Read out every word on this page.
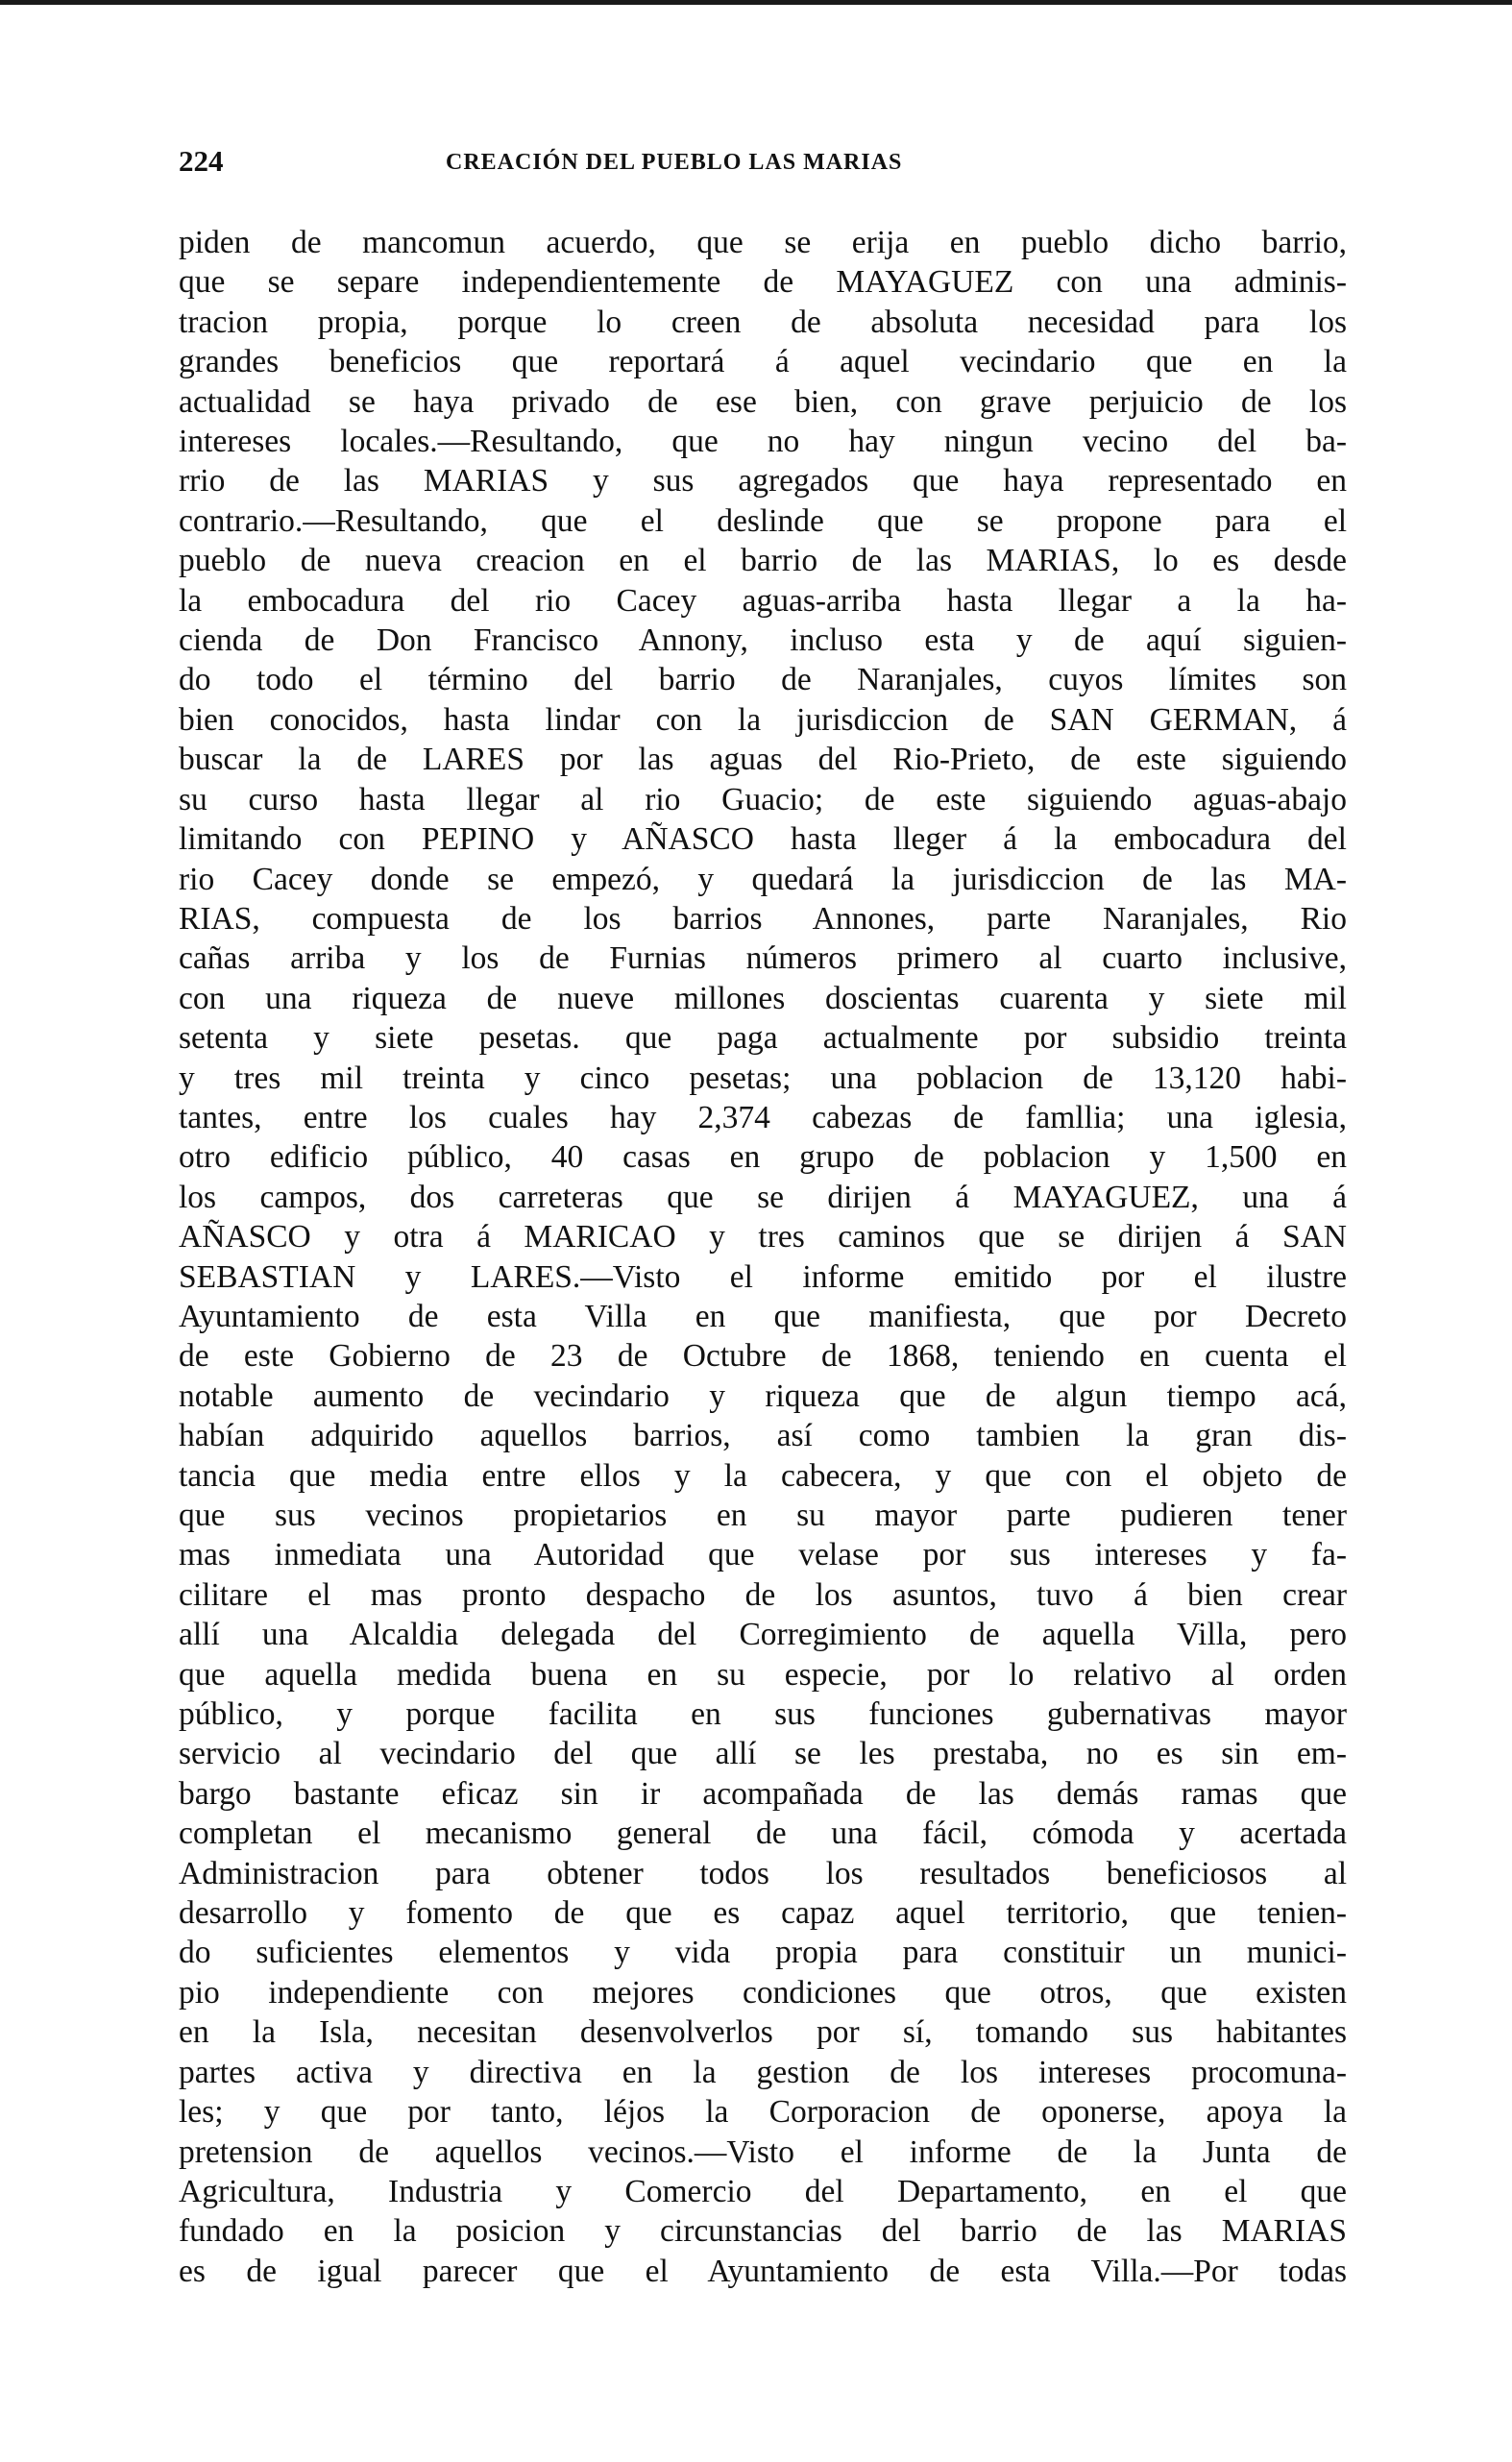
224	CREACIÓN DEL PUEBLO LAS MARIAS
piden de mancomun acuerdo, que se erija en pueblo dicho barrio,
que se separe independientemente de MAYAGUEZ con una adminis-
tracion propia, porque lo creen de absoluta necesidad para los
grandes beneficios que reportará á aquel vecindario que en la
actualidad se haya privado de ese bien, con grave perjuicio de los
intereses locales.—Resultando, que no hay ningun vecino del ba-
rrio de las MARIAS y sus agregados que haya representado en
contrario.—Resultando, que el deslinde que se propone para el
pueblo de nueva creacion en el barrio de las MARIAS, lo es desde
la embocadura del rio Cacey aguas-arriba hasta llegar a la ha-
cienda de Don Francisco Annony, incluso esta y de aquí siguien-
do todo el término del barrio de Naranjales, cuyos límites son
bien conocidos, hasta lindar con la jurisdiccion de SAN GERMAN, á
buscar la de LARES por las aguas del Rio-Prieto, de este siguiendo
su curso hasta llegar al rio Guacio; de este siguiendo aguas-abajo
limitando con PEPINO y AÑASCO hasta lleger á la embocadura del
rio Cacey donde se empezó, y quedará la jurisdiccion de las MA-
RIAS, compuesta de los barrios Annones, parte Naranjales, Rio
cañas arriba y los de Furnias números primero al cuarto inclusive,
con una riqueza de nueve millones doscientas cuarenta y siete mil
setenta y siete pesetas. que paga actualmente por subsidio treinta
y tres mil treinta y cinco pesetas; una poblacion de 13,120 habi-
tantes, entre los cuales hay 2,374 cabezas de famllia; una iglesia,
otro edificio público, 40 casas en grupo de poblacion y 1,500 en
los campos, dos carreteras que se dirijen á MAYAGUEZ, una á
AÑASCO y otra á MARICAO y tres caminos que se dirijen á SAN
SEBASTIAN y LARES.—Visto el informe emitido por el ilustre
Ayuntamiento de esta Villa en que manifiesta, que por Decreto
de este Gobierno de 23 de Octubre de 1868, teniendo en cuenta el
notable aumento de vecindario y riqueza que de algun tiempo acá,
habían adquirido aquellos barrios, así como tambien la gran dis-
tancia que media entre ellos y la cabecera, y que con el objeto de
que sus vecinos propietarios en su mayor parte pudieren tener
mas inmediata una Autoridad que velase por sus intereses y fa-
cilitare el mas pronto despacho de los asuntos, tuvo á bien crear
allí una Alcaldia delegada del Corregimiento de aquella Villa, pero
que aquella medida buena en su especie, por lo relativo al orden
público, y porque facilita en sus funciones gubernativas mayor
servicio al vecindario del que allí se les prestaba, no es sin em-
bargo bastante eficaz sin ir acompañada de las demás ramas que
completan el mecanismo general de una fácil, cómoda y acertada
Administracion para obtener todos los resultados beneficiosos al
desarrollo y fomento de que es capaz aquel territorio, que tenien-
do suficientes elementos y vida propia para constituir un munici-
pio independiente con mejores condiciones que otros, que existen
en la Isla, necesitan desenvolverlos por sí, tomando sus habitantes
partes activa y directiva en la gestion de los intereses procomuna-
les; y que por tanto, léjos la Corporacion de oponerse, apoya la
pretension de aquellos vecinos.—Visto el informe de la Junta de
Agricultura, Industria y Comercio del Departamento, en el que
fundado en la posicion y circunstancias del barrio de las MARIAS
es de igual parecer que el Ayuntamiento de esta Villa.—Por todas
